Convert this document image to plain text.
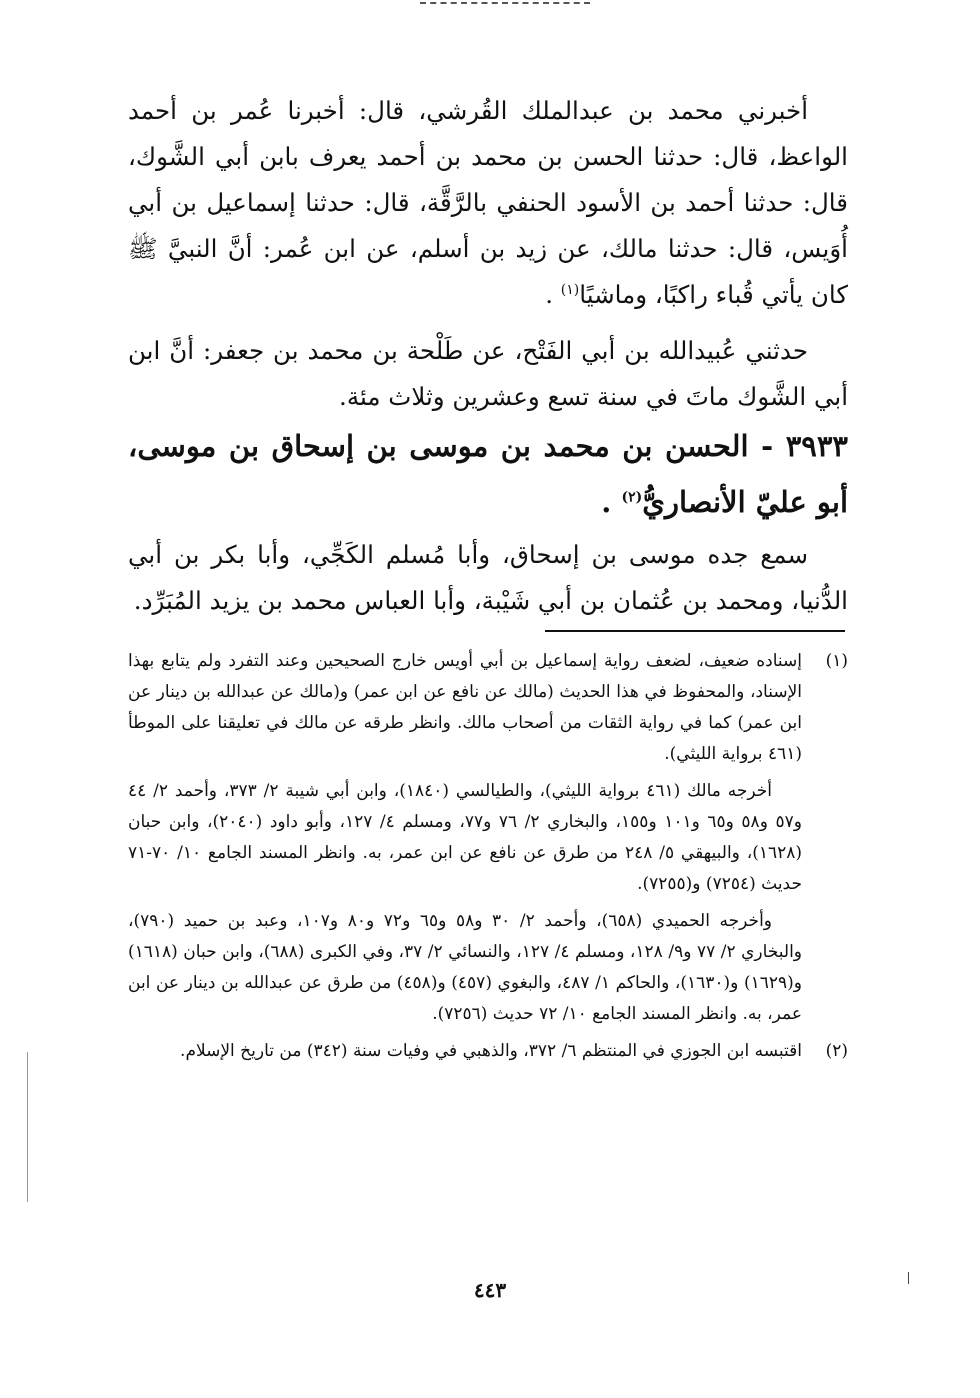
أخبرني محمد بن عبدالملك القُرشي، قال: أخبرنا عُمر بن أحمد الواعظ، قال: حدثنا الحسن بن محمد بن أحمد يعرف بابن أبي الشَّوك، قال: حدثنا أحمد بن الأسود الحنفي بالرَّقَّة، قال: حدثنا إسماعيل بن أبي أُوَيس، قال: حدثنا مالك، عن زيد بن أسلم، عن ابن عُمر: أنَّ النبيَّ ﷺ كان يأتي قُباء راكبًا، وماشيًا$^{(١)}$ .

حدثني عُبيدالله بن أبي الفَتْح، عن طَلْحة بن محمد بن جعفر: أنَّ ابن أبي الشَّوك ماتَ في سنة تسع وعشرين وثلاث مئة.

٣٩٣٣ - الحسن بن محمد بن موسى بن إسحاق بن موسى، أبو عليّ الأنصاريُّ$^{(٢)}$ .

سمع جده موسى بن إسحاق، وأبا مُسلم الكَجِّي، وأبا بكر بن أبي الدُّنيا، ومحمد بن عُثمان بن أبي شَيْبة، وأبا العباس محمد بن يزيد المُبَرِّد.

(١)

إسناده ضعيف، لضعف رواية إسماعيل بن أبي أويس خارج الصحيحين وعند التفرد ولم يتابع بهذا الإسناد، والمحفوظ في هذا الحديث (مالك عن نافع عن ابن عمر) و(مالك عن عبدالله بن دينار عن ابن عمر) كما في رواية الثقات من أصحاب مالك. وانظر طرقه عن مالك في تعليقنا على الموطأ (٤٦١ برواية الليثي).

أخرجه مالك (٤٦١ برواية الليثي)، والطيالسي (١٨٤٠)، وابن أبي شيبة ٢/ ٣٧٣، وأحمد ٢/ ٤٤ و٥٧ و٥٨ و٦٥ و١٠١ و١٥٥، والبخاري ٢/ ٧٦ و٧٧، ومسلم ٤/ ١٢٧، وأبو داود (٢٠٤٠)، وابن حبان (١٦٢٨)، والبيهقي ٥/ ٢٤٨ من طرق عن نافع عن ابن عمر، به. وانظر المسند الجامع ١٠/ ٧٠-٧١ حديث (٧٢٥٤) و(٧٢٥٥).

وأخرجه الحميدي (٦٥٨)، وأحمد ٢/ ٣٠ و٥٨ و٦٥ و٧٢ و٨٠ و١٠٧، وعبد بن حميد (٧٩٠)، والبخاري ٢/ ٧٧ و٩/ ١٢٨، ومسلم ٤/ ١٢٧، والنسائي ٢/ ٣٧، وفي الكبرى (٦٨٨)، وابن حبان (١٦١٨) و(١٦٢٩) و(١٦٣٠)، والحاكم ١/ ٤٨٧، والبغوي (٤٥٧) و(٤٥٨) من طرق عن عبدالله بن دينار عن ابن عمر، به. وانظر المسند الجامع ١٠/ ٧٢ حديث (٧٢٥٦).

(٢)

اقتبسه ابن الجوزي في المنتظم ٦/ ٣٧٢، والذهبي في وفيات سنة (٣٤٢) من تاريخ الإسلام.

٤٤٣
